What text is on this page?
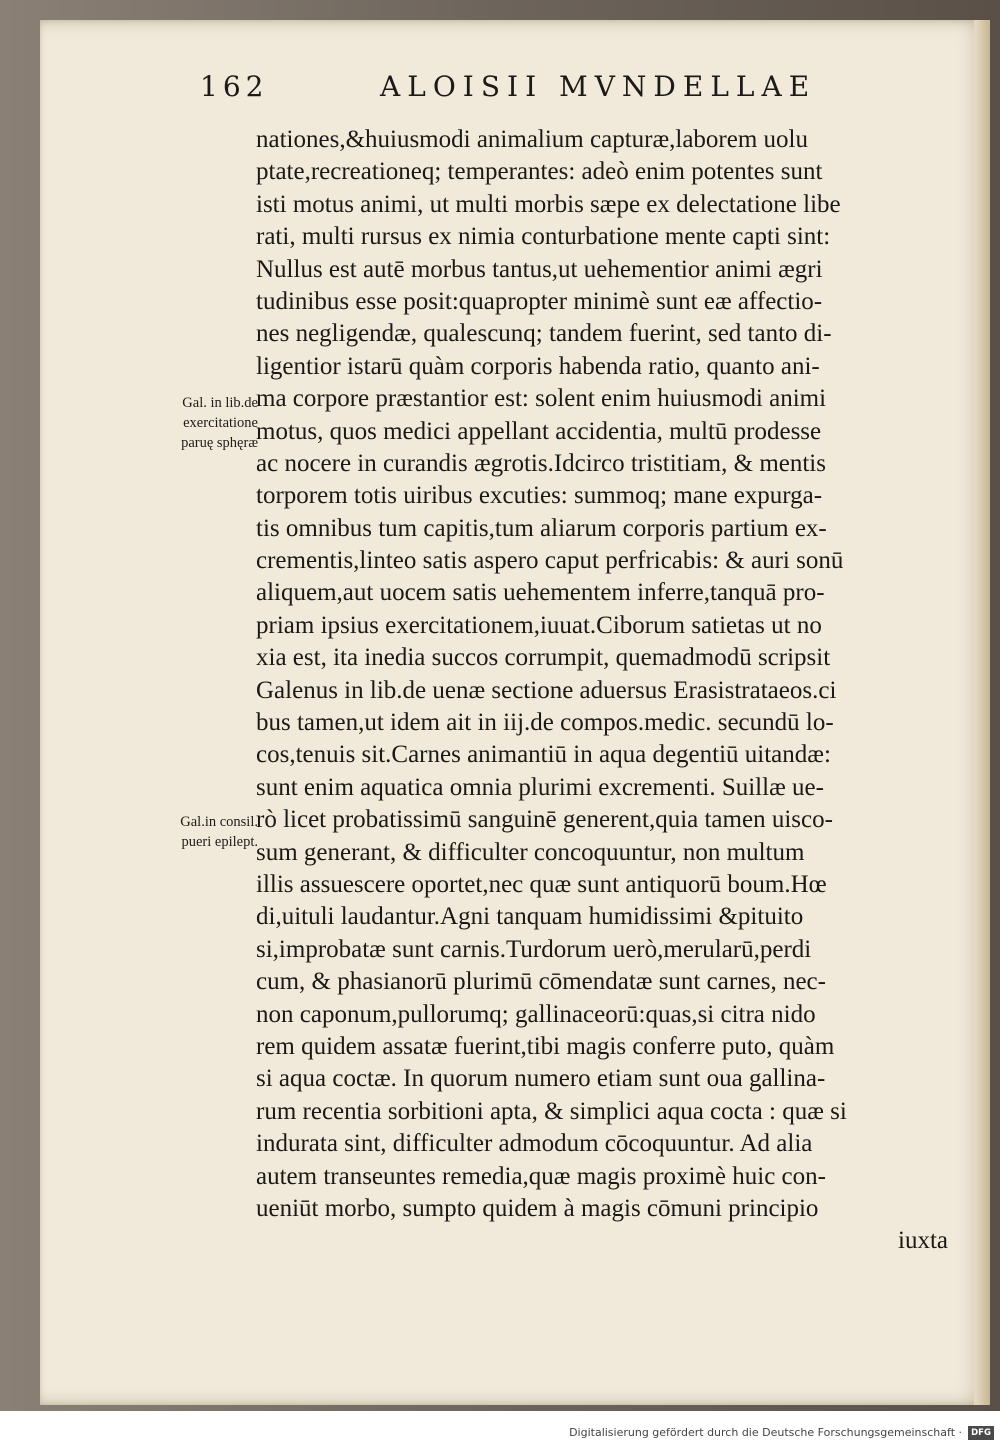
162	ALOISII MVNDELLAE
Gal. in lib.de
exercitatione
paruę sphęræ
Gal.in consil.
pueri epilept.
nationes,&huiusmodi animalium capturæ,laborem uolu
ptate,recreationeq; temperantes: adeò enim potentes sunt
isti motus animi, ut multi morbis sæpe ex delectatione libe
rati, multi rursus ex nimia conturbatione mente capti sint:
Nullus est autē morbus tantus,ut uehementior animi ægri
tudinibus esse posit:quapropter minimè sunt eæ affectio-
nes negligendæ, qualescunq; tandem fuerint, sed tanto di-
ligentior istarū quàm corporis habenda ratio, quanto ani-
ma corpore præstantior est: solent enim huiusmodi animi
motus, quos medici appellant accidentia, multū prodesse
ac nocere in curandis ægrotis.Idcirco tristitiam, & mentis
torporem totis uiribus excuties: summoq; mane expurga-
tis omnibus tum capitis,tum aliarum corporis partium ex-
crementis,linteo satis aspero caput perfricabis: & auri sonū
aliquem,aut uocem satis uehementem inferre,tanquā pro-
priam ipsius exercitationem,iuuat.Ciborum satietas ut no
xia est, ita inedia succos corrumpit, quemadmodū scripsit
Galenus in lib.de uenæ sectione aduersus Erasistrataeos.ci
bus tamen,ut idem ait in iij.de compos.medic. secundū lo-
cos,tenuis sit.Carnes animantiū in aqua degentiū uitandæ:
sunt enim aquatica omnia plurimi excrementi. Suillæ ue-
rò licet probatissimū sanguinē generent,quia tamen uisco-
sum generant, & difficulter concoquuntur, non multum
illis assuescere oportet,nec quæ sunt antiquorū boum.Hœ
di,uituli laudantur.Agni tanquam humidissimi &pituito
si,improbatæ sunt carnis.Turdorum uerò,merularū,perdi
cum, & phasianorū plurimū cōmendatæ sunt carnes, nec-
non caponum,pullorumq; gallinaceorū:quas,si citra nido
rem quidem assatæ fuerint,tibi magis conferre puto, quàm
si aqua coctæ. In quorum numero etiam sunt oua gallina-
rum recentia sorbitioni apta, & simplici aqua cocta : quæ si
indurata sint, difficulter admodum cōcoquuntur. Ad alia
autem transeuntes remedia,quæ magis proximè huic con-
ueniūt morbo, sumpto quidem à magis cōmuni principio
iuxta
Digitalisierung gefördert durch die Deutsche Forschungsgemeinschaft ·	DFG
